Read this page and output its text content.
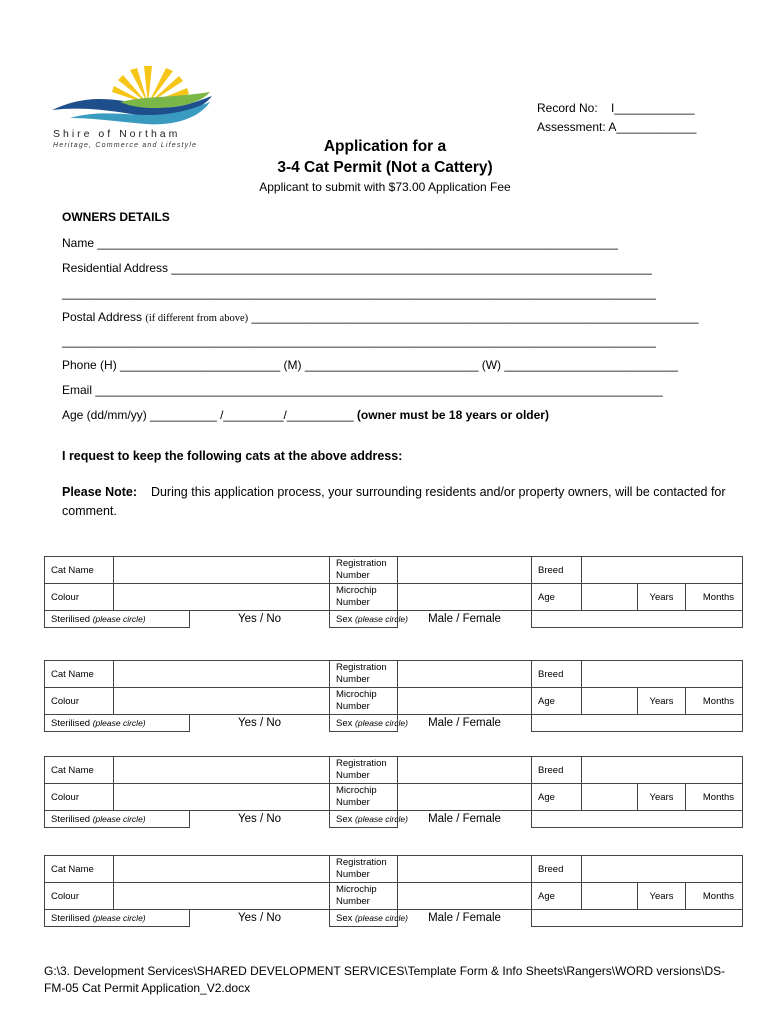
Shire of Northam
Heritage, Commerce and Lifestyle
Record No: I____________
Assessment: A____________
Application for a
3-4 Cat Permit (Not a Cattery)
Applicant to submit with $73.00 Application Fee
OWNERS DETAILS
Name ______________________________________________________________________________
Residential Address ________________________________________________________________________
_________________________________________________________________________________________
Postal Address (if different from above) ___________________________________________________________________
_________________________________________________________________________________________
Phone (H) ________________________ (M) __________________________ (W) __________________________
Email _____________________________________________________________________________________
Age (dd/mm/yy) __________ /_________/__________ (owner must be 18 years or older)
I request to keep the following cats at the above address:
Please Note: During this application process, your surrounding residents and/or property owners, will be contacted for comment.
Cat Name			Registration Number		Breed			
Colour			Microchip Number		Age		Years	Months
Sterilised (please circle)		Yes / No	Sex (please circle)	Male / Female				
Cat Name			Registration Number		Breed			
Colour			Microchip Number		Age		Years	Months
Sterilised (please circle)		Yes / No	Sex (please circle)	Male / Female				
Cat Name			Registration Number		Breed			
Colour			Microchip Number		Age		Years	Months
Sterilised (please circle)		Yes / No	Sex (please circle)	Male / Female				
Cat Name			Registration Number		Breed			
Colour			Microchip Number		Age		Years	Months
Sterilised (please circle)		Yes / No	Sex (please circle)	Male / Female				
G:\3. Development Services\SHARED DEVELOPMENT SERVICES\Template Form & Info Sheets\Rangers\WORD versions\DS-FM-05 Cat Permit Application_V2.docx
